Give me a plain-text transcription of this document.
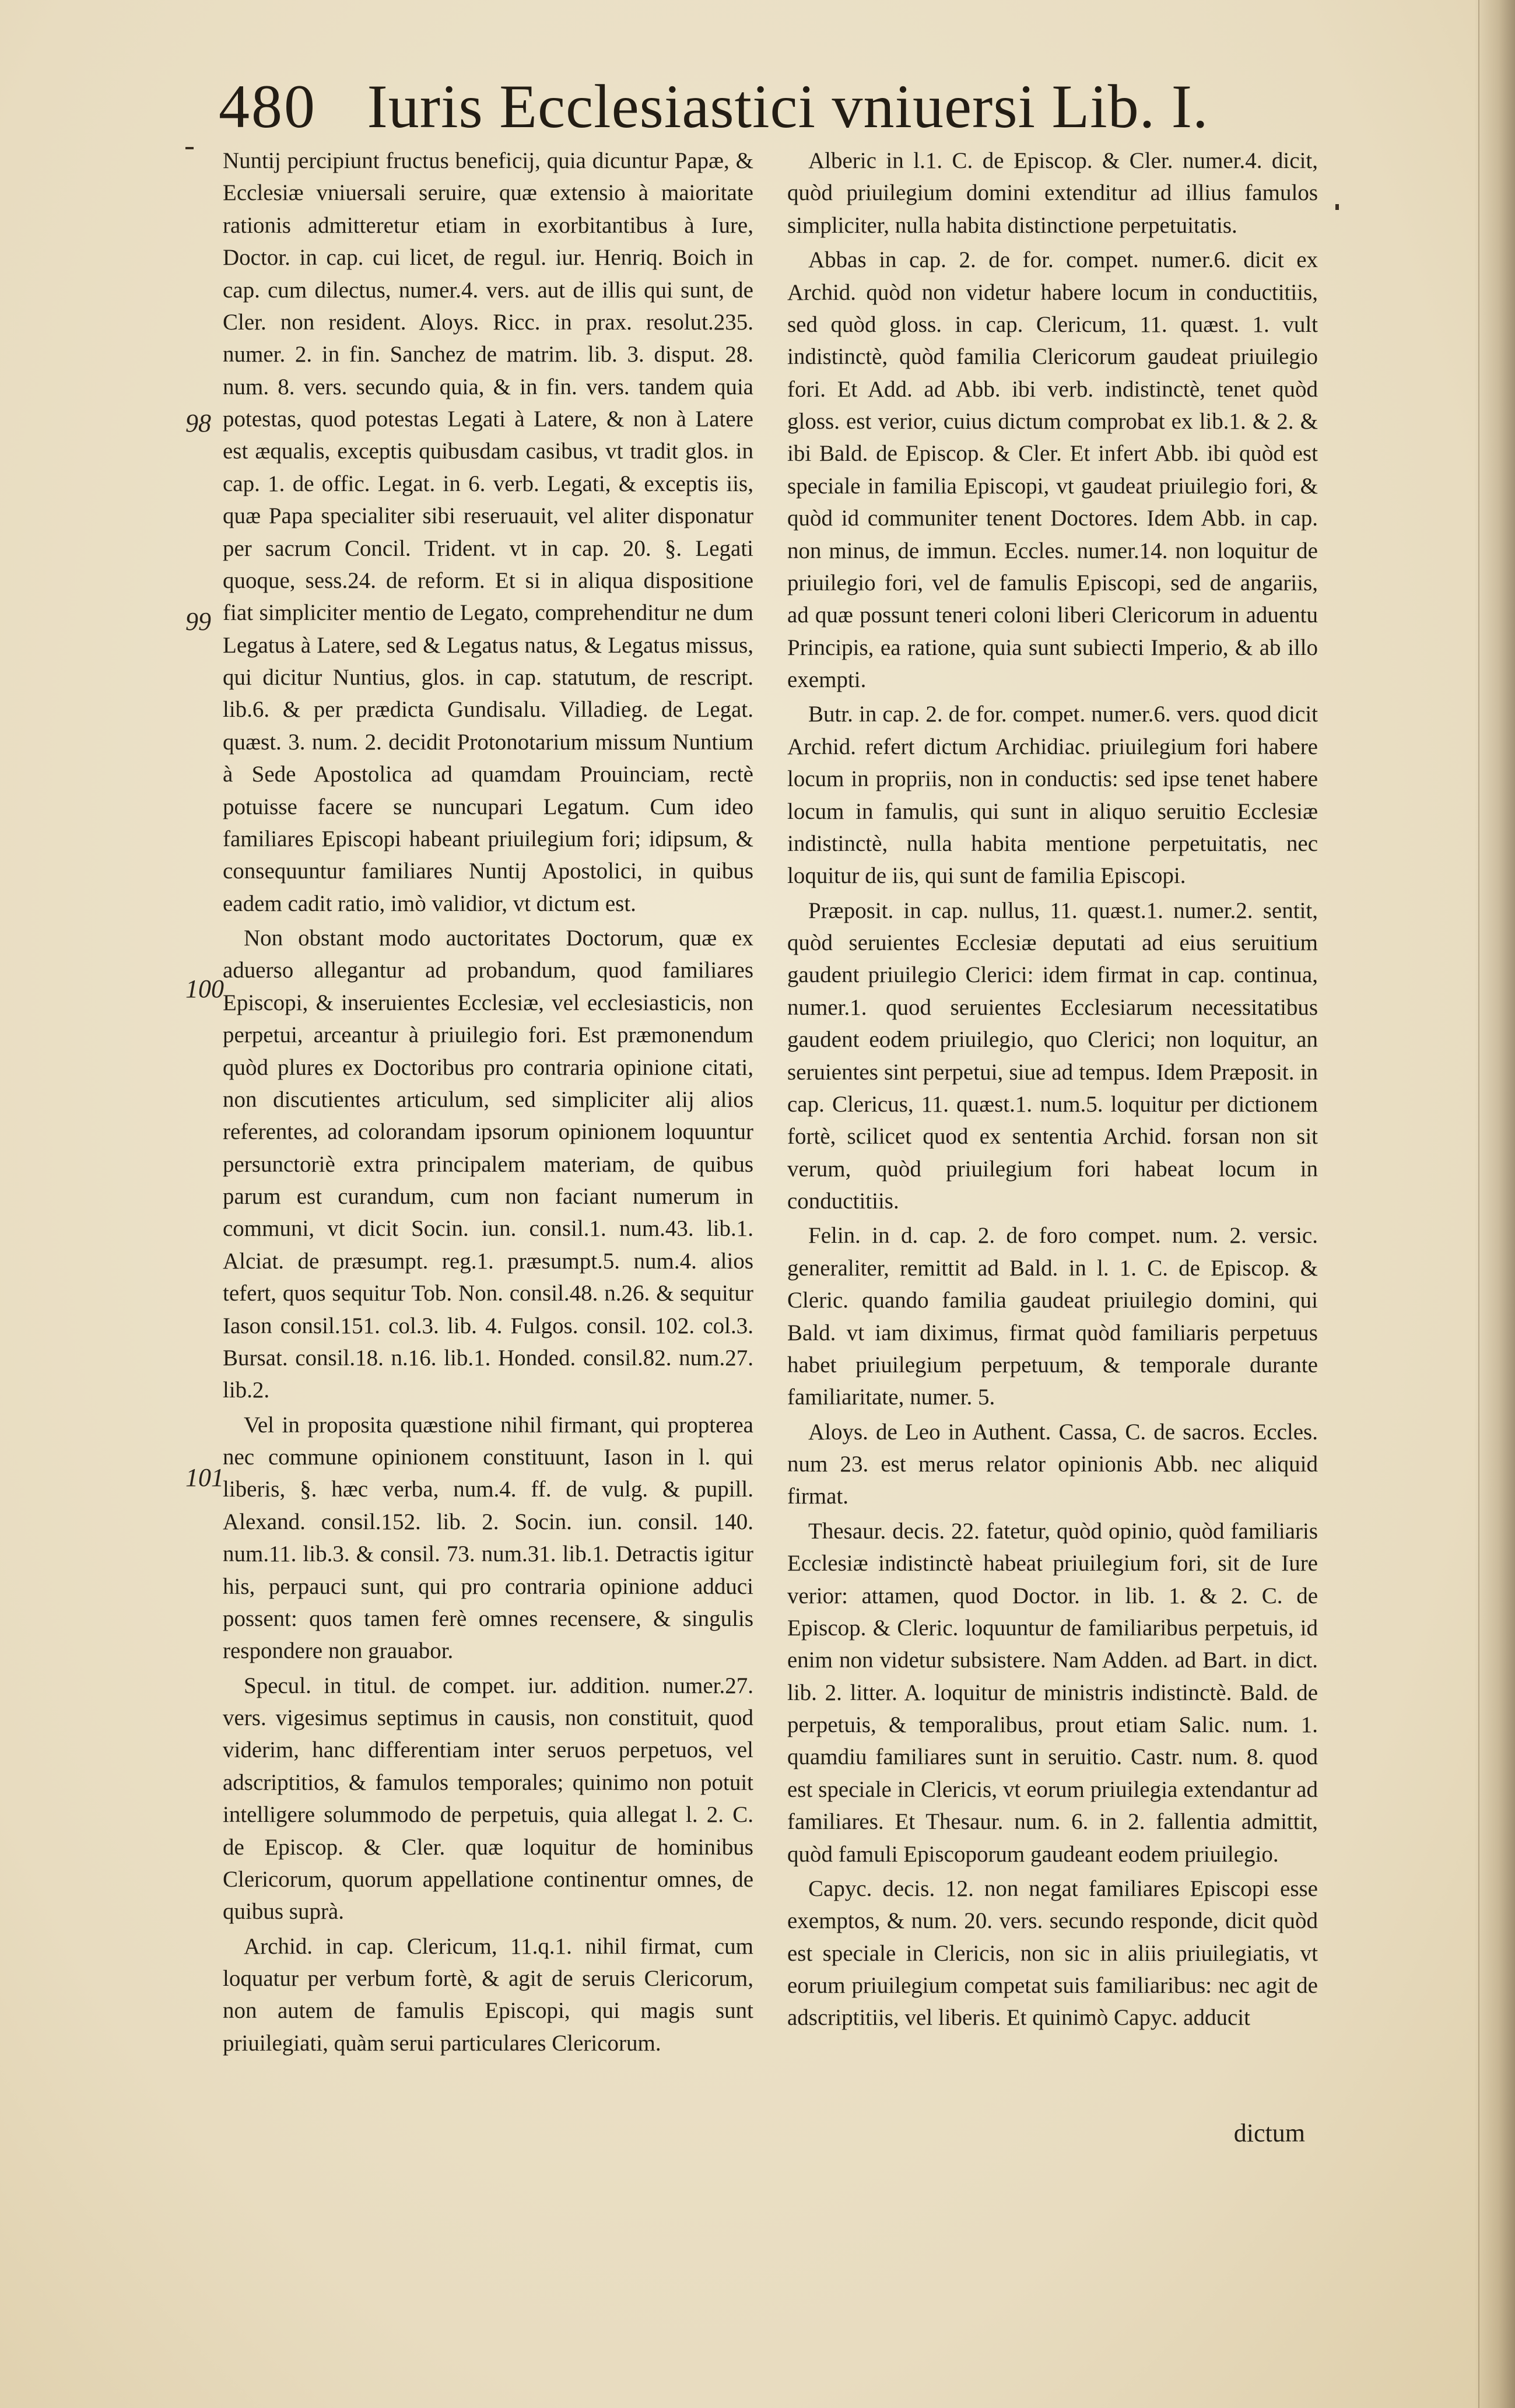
480 Iuris Ecclesiastici vniuersi Lib. I.
98
99
100
101

Nuntij percipiunt fructus beneficij, quia dicuntur Papæ, & Ecclesiæ vniuersali seruire, quæ extensio à maioritate rationis admitteretur etiam in exorbitantibus à Iure, Doctor. in cap. cui licet, de regul. iur. Henriq. Boich in cap. cum dilectus, numer.4. vers. aut de illis qui sunt, de Cler. non resident. Aloys. Ricc. in prax. resolut.235. numer. 2. in fin. Sanchez de matrim. lib. 3. disput. 28. num. 8. vers. secundo quia, & in fin. vers. tandem quia potestas, quod potestas Legati à Latere, & non à Latere est æqualis, exceptis quibusdam casibus, vt tradit glos. in cap. 1. de offic. Legat. in 6. verb. Legati, & exceptis iis, quæ Papa specialiter sibi reseruauit, vel aliter disponatur per sacrum Concil. Trident. vt in cap. 20. §. Legati quoque, sess.24. de reform. Et si in aliqua dispositione fiat simpliciter mentio de Legato, comprehenditur ne dum Legatus à Latere, sed & Legatus natus, & Legatus missus, qui dicitur Nuntius, glos. in cap. statutum, de rescript. lib.6. & per prædicta Gundisalu. Villadieg. de Legat. quæst. 3. num. 2. decidit Protonotarium missum Nuntium à Sede Apostolica ad quamdam Prouinciam, rectè potuisse facere se nuncupari Legatum. Cum ideo familiares Episcopi habeant priuilegium fori; idipsum, & consequuntur familiares Nuntij Apostolici, in quibus eadem cadit ratio, imò validior, vt dictum est.

Non obstant modo auctoritates Doctorum, quæ ex aduerso allegantur ad probandum, quod familiares Episcopi, & inseruientes Ecclesiæ, vel ecclesiasticis, non perpetui, arceantur à priuilegio fori. Est præmonendum quòd plures ex Doctoribus pro contraria opinione citati, non discutientes articulum, sed simpliciter alij alios referentes, ad colorandam ipsorum opinionem loquuntur persunctoriè extra principalem materiam, de quibus parum est curandum, cum non faciant numerum in communi, vt dicit Socin. iun. consil.1. num.43. lib.1. Alciat. de præsumpt. reg.1. præsumpt.5. num.4. alios tefert, quos sequitur Tob. Non. consil.48. n.26. & sequitur Iason consil.151. col.3. lib. 4. Fulgos. consil. 102. col.3. Bursat. consil.18. n.16. lib.1. Honded. consil.82. num.27. lib.2.

Vel in proposita quæstione nihil firmant, qui propterea nec commune opinionem constituunt, Iason in l. qui liberis, §. hæc verba, num.4. ff. de vulg. & pupill. Alexand. consil.152. lib. 2. Socin. iun. consil. 140. num.11. lib.3. & consil. 73. num.31. lib.1. Detractis igitur his, perpauci sunt, qui pro contraria opinione adduci possent: quos tamen ferè omnes recensere, & singulis respondere non grauabor.

Specul. in titul. de compet. iur. addition. numer.27. vers. vigesimus septimus in causis, non constituit, quod viderim, hanc differentiam inter seruos perpetuos, vel adscriptitios, & famulos temporales; quinimo non potuit intelligere solummodo de perpetuis, quia allegat l. 2. C. de Episcop. & Cler. quæ loquitur de hominibus Clericorum, quorum appellatione continentur omnes, de quibus suprà.

Archid. in cap. Clericum, 11.q.1. nihil firmat, cum loquatur per verbum fortè, & agit de seruis Clericorum, non autem de famulis Episcopi, qui magis sunt priuilegiati, quàm serui particulares Clericorum.

Alberic in l.1. C. de Episcop. & Cler. numer.4. dicit, quòd priuilegium domini extenditur ad illius famulos simpliciter, nulla habita distinctione perpetuitatis.

Abbas in cap. 2. de for. compet. numer.6. dicit ex Archid. quòd non videtur habere locum in conductitiis, sed quòd gloss. in cap. Clericum, 11. quæst. 1. vult indistinctè, quòd familia Clericorum gaudeat priuilegio fori. Et Add. ad Abb. ibi verb. indistinctè, tenet quòd gloss. est verior, cuius dictum comprobat ex lib.1. & 2. & ibi Bald. de Episcop. & Cler. Et infert Abb. ibi quòd est speciale in familia Episcopi, vt gaudeat priuilegio fori, & quòd id communiter tenent Doctores. Idem Abb. in cap. non minus, de immun. Eccles. numer.14. non loquitur de priuilegio fori, vel de famulis Episcopi, sed de angariis, ad quæ possunt teneri coloni liberi Clericorum in aduentu Principis, ea ratione, quia sunt subiecti Imperio, & ab illo exempti.

Butr. in cap. 2. de for. compet. numer.6. vers. quod dicit Archid. refert dictum Archidiac. priuilegium fori habere locum in propriis, non in conductis: sed ipse tenet habere locum in famulis, qui sunt in aliquo seruitio Ecclesiæ indistinctè, nulla habita mentione perpetuitatis, nec loquitur de iis, qui sunt de familia Episcopi.

Præposit. in cap. nullus, 11. quæst.1. numer.2. sentit, quòd seruientes Ecclesiæ deputati ad eius seruitium gaudent priuilegio Clerici: idem firmat in cap. continua, numer.1. quod seruientes Ecclesiarum necessitatibus gaudent eodem priuilegio, quo Clerici; non loquitur, an seruientes sint perpetui, siue ad tempus. Idem Præposit. in cap. Clericus, 11. quæst.1. num.5. loquitur per dictionem fortè, scilicet quod ex sententia Archid. forsan non sit verum, quòd priuilegium fori habeat locum in conductitiis.

Felin. in d. cap. 2. de foro compet. num. 2. versic. generaliter, remittit ad Bald. in l. 1. C. de Episcop. & Cleric. quando familia gaudeat priuilegio domini, qui Bald. vt iam diximus, firmat quòd familiaris perpetuus habet priuilegium perpetuum, & temporale durante familiaritate, numer. 5.

Aloys. de Leo in Authent. Cassa, C. de sacros. Eccles. num 23. est merus relator opinionis Abb. nec aliquid firmat.

Thesaur. decis. 22. fatetur, quòd opinio, quòd familiaris Ecclesiæ indistinctè habeat priuilegium fori, sit de Iure verior: attamen, quod Doctor. in lib. 1. & 2. C. de Episcop. & Cleric. loquuntur de familiaribus perpetuis, id enim non videtur subsistere. Nam Adden. ad Bart. in dict. lib. 2. litter. A. loquitur de ministris indistinctè. Bald. de perpetuis, & temporalibus, prout etiam Salic. num. 1. quamdiu familiares sunt in seruitio. Castr. num. 8. quod est speciale in Clericis, vt eorum priuilegia extendantur ad familiares. Et Thesaur. num. 6. in 2. fallentia admittit, quòd famuli Episcoporum gaudeant eodem priuilegio.

Capyc. decis. 12. non negat familiares Episcopi esse exemptos, & num. 20. vers. secundo responde, dicit quòd est speciale in Clericis, non sic in aliis priuilegiatis, vt eorum priuilegium competat suis familiaribus: nec agit de adscriptitiis, vel liberis. Et quinimò Capyc. adducit

dictum
